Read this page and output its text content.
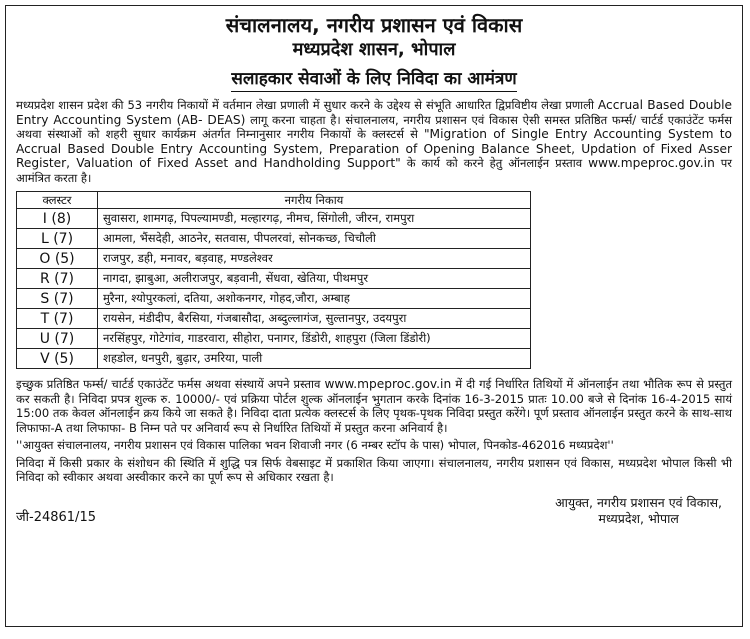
संचालनालय, नगरीय प्रशासन एवं विकास
मध्यप्रदेश शासन, भोपाल
सलाहकार सेवाओं के लिए निविदा का आमंत्रण
मध्यप्रदेश शासन प्रदेश की 53 नगरीय निकायों में वर्तमान लेखा प्रणाली में सुधार करने के उद्देश्य से संभूति आधारित द्विप्रविष्टीय लेखा प्रणाली Accrual Based Double Entry Accounting System (AB- DEAS) लागू करना चाहता है। संचालनालय, नगरीय प्रशासन एवं विकास ऐसी समस्त प्रतिष्ठित फर्म्स/ चार्टर्ड एकाउंटेंट फर्मस अथवा संस्थाओं को शहरी सुधार कार्यक्रम अंतर्गत निम्नानुसार नगरीय निकायों के क्लस्टर्स से "Migration of Single Entry Accounting System to Accrual Based Double Entry Accounting System, Preparation of Opening Balance Sheet, Updation of Fixed Asser Register, Valuation of Fixed Asset and Handholding Support" के कार्य को करने हेतु ऑनलाईन प्रस्ताव www.mpeproc.gov.in पर आमंत्रित करता है।
क्लस्टर	नगरीय निकाय
I (8)	सुवासरा, शामगढ़, पिपल्यामण्डी, मल्हारगढ़, नीमच, सिंगोली, जीरन, रामपुरा
L (7)	आमला, भैंसदेही, आठनेर, सतवास, पीपलरवां, सोनकच्छ, चिचौली
O (5)	राजपुर, डही, मनावर, बड़वाह, मण्डलेश्वर
R (7)	नागदा, झाबुआ, अलीराजपुर, बड़वानी, सेंधवा, खेतिया, पीथमपुर
S (7)	मुरैना, श्योपुरकलां, दतिया, अशोकनगर, गोहद,जौरा, अम्बाह
T (7)	रायसेन, मंडीदीप, बैरसिया, गंजबासौदा, अब्दुल्लागंज, सुल्तानपुर, उदयपुरा
U (7)	नरसिंहपुर, गोटेगांव, गाडरवारा, सीहोरा, पनागर, डिंडोरी, शाहपुरा (जिला डिंडोरी)
V (5)	शहडोल, धनपुरी, बुढ़ार, उमरिया, पाली
इच्छुक प्रतिष्ठित फर्म्स/ चार्टर्ड एकाउंटेंट फर्मस अथवा संस्थायें अपने प्रस्ताव www.mpeproc.gov.in में दी गई निर्धारित तिथियों में ऑनलाईन तथा भौतिक रूप से प्रस्तुत कर सकती है। निविदा प्रपत्र शुल्क रु. 10000/- एवं प्रक्रिया पोर्टल शुल्क ऑनलाईन भुगतान करके दिनांक 16-3-2015 प्रातः 10.00 बजे से दिनांक 16-4-2015 सायं 15:00 तक केवल ऑनलाईन क्रय किये जा सकते है। निविदा दाता प्रत्येक क्लस्टर्स के लिए पृथक-पृथक निविदा प्रस्तुत करेंगे। पूर्ण प्रस्ताव ऑनलाईन प्रस्तुत करने के साथ-साथ लिफाफा-A तथा लिफाफा- B निम्न पते पर अनिवार्य रूप से निर्धारित तिथियों में प्रस्तुत करना अनिवार्य है।
''आयुक्त संचालनालय, नगरीय प्रशासन एवं विकास पालिका भवन शिवाजी नगर (6 नम्बर स्टॉप के पास) भोपाल, पिनकोड-462016 मध्यप्रदेश''
निविदा में किसी प्रकार के संशोधन की स्थिति में शुद्धि पत्र सिर्फ वेबसाइट में प्रकाशित किया जाएगा। संचालनालय, नगरीय प्रशासन एवं विकास, मध्यप्रदेश भोपाल किसी भी निविदा को स्वीकार अथवा अस्वीकार करने का पूर्ण रूप से अधिकार रखता है।
जी-24861/15
आयुक्त, नगरीय प्रशासन एवं विकास,
मध्यप्रदेश, भोपाल
